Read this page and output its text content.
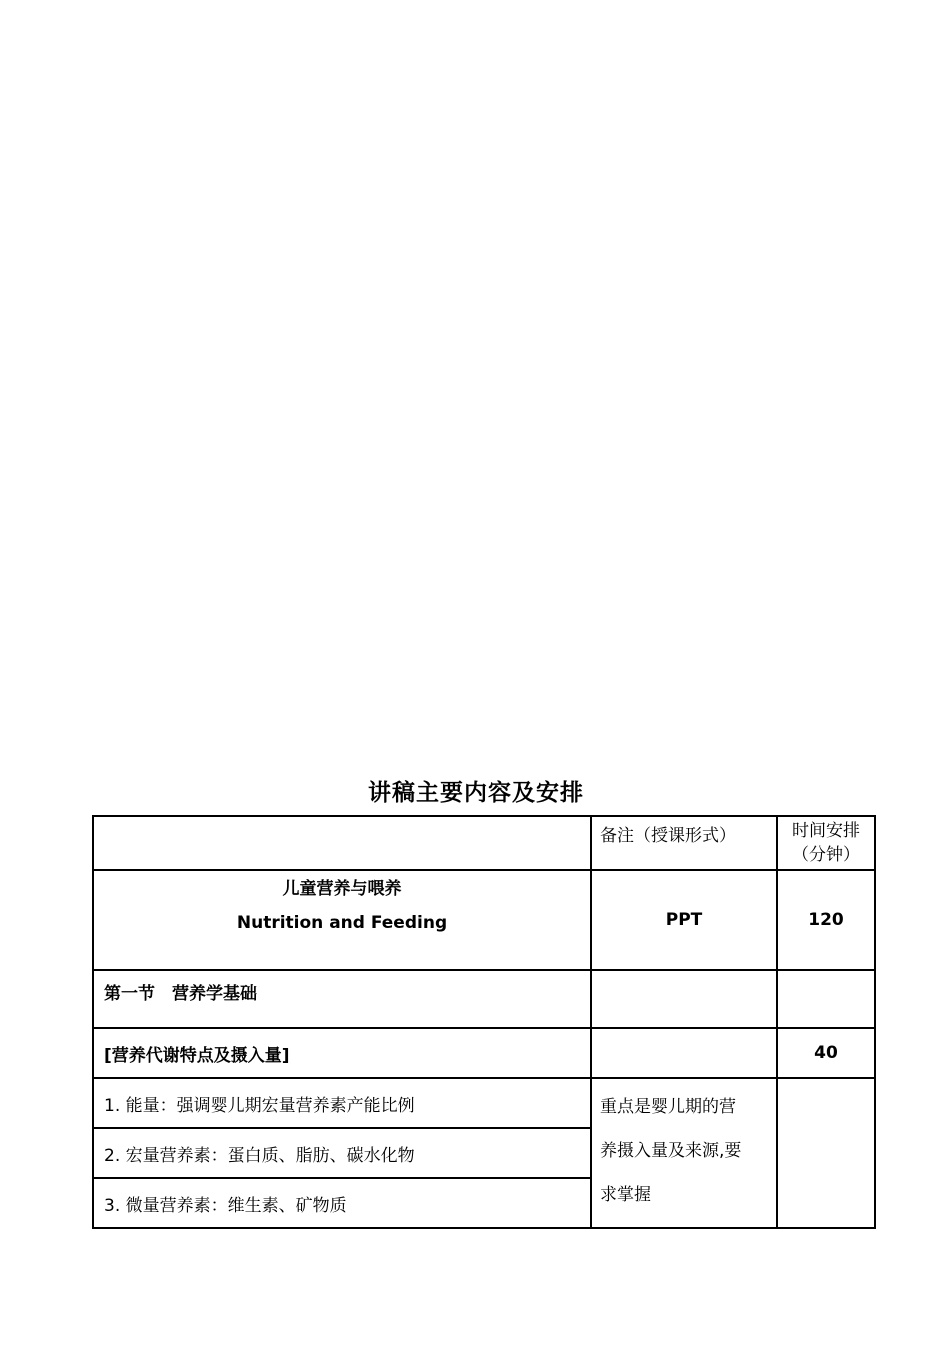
讲稿主要内容及安排
	备注（授课形式）	时间安排
（分钟）

儿童营养与喂养
Nutrition and Feeding	PPT	120
第一节　营养学基础		
[营养代谢特点及摄入量]		40
1. 能量：强调婴儿期宏量营养素产能比例	重点是婴儿期的营
养摄入量及来源,要
求掌握	

2. 宏量营养素：蛋白质、脂肪、碳水化物		
3. 微量营养素：维生素、矿物质		
